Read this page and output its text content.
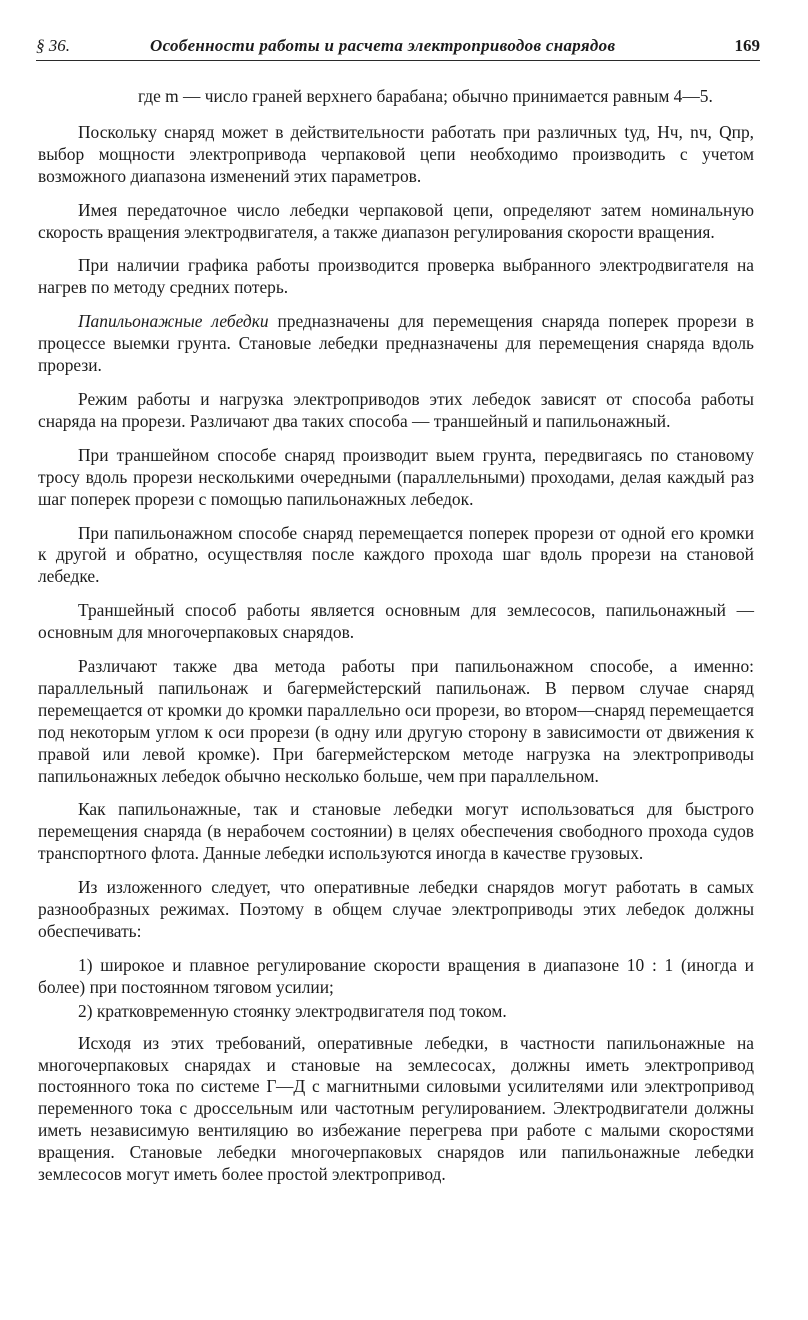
§ 36.	Особенности работы и расчета электроприводов снарядов	169

где m — число граней верхнего барабана; обычно принимается равным 4—5.

Поскольку снаряд может в действительности работать при различных tуд, Hч, nч, Qпр, выбор мощности электропривода черпаковой цепи необходимо производить с учетом возможного диапазона изменений этих параметров.

Имея передаточное число лебедки черпаковой цепи, определяют затем номинальную скорость вращения электродвигателя, а также диапазон регулирования скорости вращения.

При наличии графика работы производится проверка выбранного электродвигателя на нагрев по методу средних потерь.

Папильонажные лебедки предназначены для перемещения снаряда поперек прорези в процессе выемки грунта. Становые лебедки предназначены для перемещения снаряда вдоль прорези.

Режим работы и нагрузка электроприводов этих лебедок зависят от способа работы снаряда на прорези. Различают два таких способа — траншейный и папильонажный.

При траншейном способе снаряд производит выем грунта, передвигаясь по становому тросу вдоль прорези несколькими очередными (параллельными) проходами, делая каждый раз шаг поперек прорези с помощью папильонажных лебедок.

При папильонажном способе снаряд перемещается поперек прорези от одной его кромки к другой и обратно, осуществляя после каждого прохода шаг вдоль прорези на становой лебедке.

Траншейный способ работы является основным для землесосов, папильонажный — основным для многочерпаковых снарядов.

Различают также два метода работы при папильонажном способе, а именно: параллельный папильонаж и багермейстерский папильонаж. В первом случае снаряд перемещается от кромки до кромки параллельно оси прорези, во втором—снаряд перемещается под некоторым углом к оси прорези (в одну или другую сторону в зависимости от движения к правой или левой кромке). При багермейстерском методе нагрузка на электроприводы папильонажных лебедок обычно несколько больше, чем при параллельном.

Как папильонажные, так и становые лебедки могут использоваться для быстрого перемещения снаряда (в нерабочем состоянии) в целях обеспечения свободного прохода судов транспортного флота. Данные лебедки используются иногда в качестве грузовых.

Из изложенного следует, что оперативные лебедки снарядов могут работать в самых разнообразных режимах. Поэтому в общем случае электроприводы этих лебедок должны обеспечивать:

1) широкое и плавное регулирование скорости вращения в диапазоне 10 : 1 (иногда и более) при постоянном тяговом усилии;

2) кратковременную стоянку электродвигателя под током.

Исходя из этих требований, оперативные лебедки, в частности папильонажные на многочерпаковых снарядах и становые на землесосах, должны иметь электропривод постоянного тока по системе Г—Д с магнитными силовыми усилителями или электропривод переменного тока с дроссельным или частотным регулированием. Электродвигатели должны иметь независимую вентиляцию во избежание перегрева при работе с малыми скоростями вращения. Становые лебедки многочерпаковых снарядов или папильонажные лебедки землесосов могут иметь более простой электропривод.
